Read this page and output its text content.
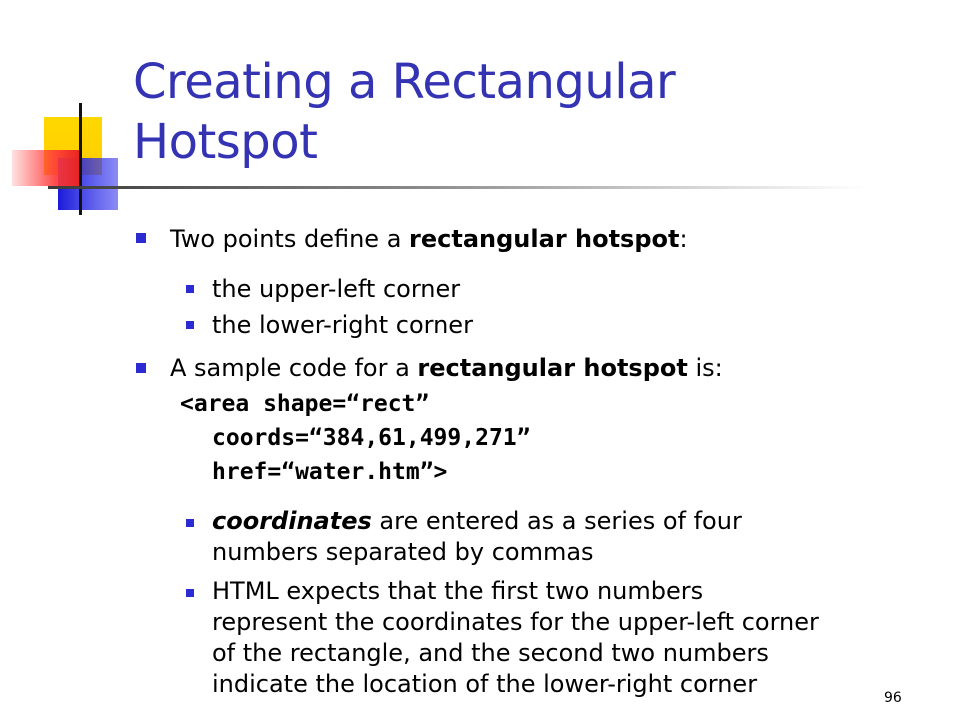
Creating a Rectangular
Hotspot
Two points define a rectangular hotspot:
the upper-left corner
the lower-right corner
A sample code for a rectangular hotspot is:
<area shape=“rect”
coords=“384,61,499,271”
href=“water.htm”>
coordinates are entered as a series of four
numbers separated by commas
HTML expects that the first two numbers
represent the coordinates for the upper-left corner
of the rectangle, and the second two numbers
indicate the location of the lower-right corner	96
